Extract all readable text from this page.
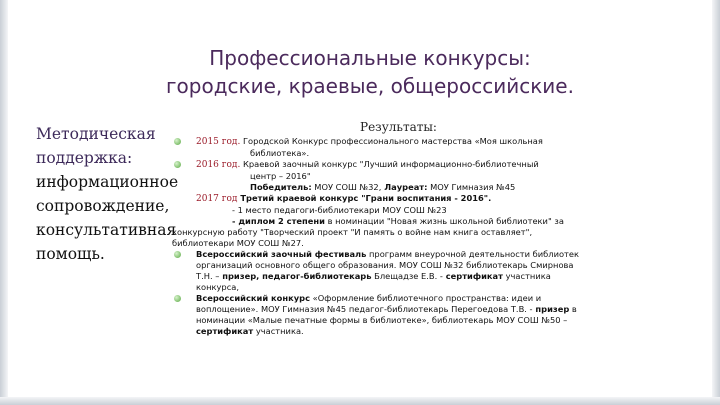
Профессиональные конкурсы:
городские, краевые, общероссийские.
Методическая поддержка:
информационное сопровождение, консультативная помощь.
Результаты:

2015 год. Городской Конкурс профессионального мастерства «Моя школьная

библиотека».

2016 год. Краевой заочный конкурс "Лучший информационно-библиотечный

центр – 2016"

Победитель: МОУ СОШ №32, Лауреат: МОУ Гимназия №45

2017 год Третий краевой конкурс "Грани воспитания - 2016".

- 1 место педагоги-библиотекари МОУ СОШ №23

- диплом 2 степени в номинации "Новая жизнь школьной библиотеки" за

конкурсную работу "Творческий проект "И память о войне нам книга оставляет",

библиотекари МОУ СОШ №27.

Всероссийский заочный фестиваль программ внеурочной деятельности библиотек

организаций основного общего образования. МОУ СОШ №32 библиотекарь Смирнова

Т.Н. – призер, педагог-библиотекарь Блещадзе Е.В. - сертификат участника

конкурса,

Всероссийский конкурс «Оформление библиотечного пространства: идеи и

воплощение». МОУ Гимназия №45 педагог-библиотекарь Перегоедова Т.В. - призер в

номинации «Малые печатные формы в библиотеке», библиотекарь МОУ СОШ №50 –

сертификат участника.
